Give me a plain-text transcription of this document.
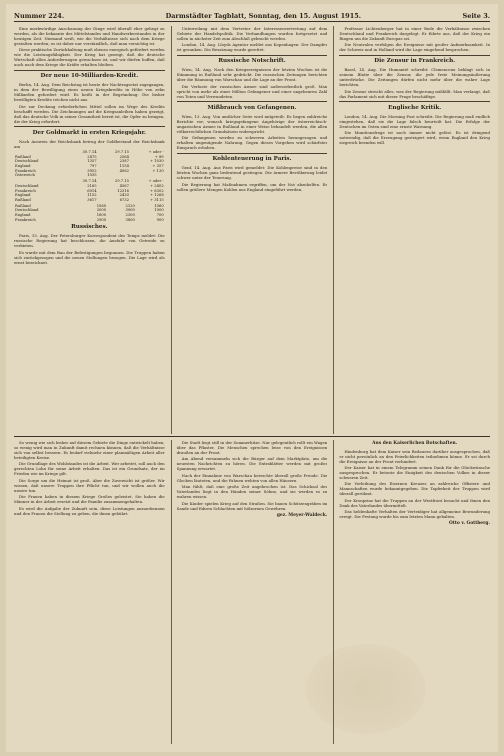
Nummer 224.	Darmstädter Tagblatt, Sonntag, den 15. August 1915.	Seite 3.

Eine merkwürdige Anschauung der Dinge wird überall eher gehegt zu werden, als die bekannte des Mittelstandes und Handwerkerstandes in der heutigen Zeit. Niemand weiß, wie die Verhältnisse sich nach dem Kriege gestalten werden; es ist daher nur verständlich, daß man vorsichtig ist.

Diese praktische Zurückhaltung muß ebenso energisch gefördert werden wie die Leistungsfähigkeit. Der Krieg hat gezeigt, daß die deutsche Wirtschaft allen Anforderungen gewachsen ist, und wir dürfen hoffen, daß auch nach dem Kriege die Kräfte erhalten bleiben.

Der neue 10-Milliarden-Kredit.

Berlin, 14. Aug. Dem Reichstag ist heute der Nachtragsetat zugegangen, in dem der Bewilligung eines neuen Kriegskredits in Höhe von zehn Milliarden gefordert wird. Es heißt in der Begründung: Die bisher bewilligten Kredite reichen nicht aus.

Die zur Deckung erforderlichen Mittel sollen im Wege des Kredits beschafft werden. Die Zeichnungen auf die Kriegsanleihen haben gezeigt, daß das deutsche Volk in seiner Gesamtheit bereit ist, die Opfer zu bringen, die der Krieg erfordert.

Der Goldmarkt in ersten Kriegsjahr.

Nach Ausweis der Reichsbank betrug der Goldbestand der Reichsbank am

	30.7.14	29.7.15	+ oder -
Rußland	2475	2564	+ 89
Deutschland	1357	2387	+ 1030
England	797	1154	+ 357
Frankreich	3952	4082	+ 130
Österreich	1035		
	30.7.14	29.7.15	+ oder -
Deutschland	2165	4567	+ 2402
Frankreich	6014	12316	+ 6302
England	1152	2420	+ 1268
Rußland	3617	6732	+ 3115
Rußland	1060	2120	1060
Deutschland	2000	3000	1000
England	1600	2300	700
Frankreich	2900	3800	900
Russisches.

Paris, 13. Aug. Der Petersburger Korrespondent des Temps meldet: Die russische Regierung hat beschlossen, die Ausfuhr von Getreide zu verbieten.

Es wurde mit dem Bau der Befestigungen begonnen. Die Truppen haben sich zurückgezogen und die neuen Stellungen bezogen. Die Lage wird als ernst bezeichnet.

Unterredung mit dem Vertreter der Interessenvertretung auf dem Gebiete der Handelspolitik. Die Verhandlungen wurden fortgesetzt und sollen in nächster Zeit zum Abschluß gebracht werden.

London, 14. Aug. Lloyds Agentur meldet aus Kopenhagen: Der Dampfer ist gesunken. Die Besatzung wurde gerettet.

Russische Notschrift.

Wien, 14. Aug. Nach den Kriegsereignissen der letzten Wochen ist die Stimmung in Rußland sehr gedrückt. Die russischen Zeitungen berichten über die Räumung von Warschau und die Lage an der Front.

Die Verluste der russischen Armee sind außerordentlich groß. Man spricht von mehr als einer Million Gefangener und einer ungeheuren Zahl von Toten und Verwundeten.

Mißbrauch von Gefangenen.

Wien, 13. Aug. Von amtlicher Seite wird mitgeteilt: Es liegen zahlreiche Berichte vor, wonach kriegsgefangene Angehörige der österreichisch-ungarischen Armee in Rußland in einer Weise behandelt werden, die allen völkerrechtlichen Grundsätzen widerspricht.

Die Gefangenen werden zu schweren Arbeiten herangezogen und erhalten ungenügende Nahrung. Gegen dieses Vorgehen wird schärfster Einspruch erhoben.

Kohlenteuerung in Paris.

Genf, 14. Aug. Aus Paris wird gemeldet: Die Kohlenpreise sind in den letzten Wochen ganz bedeutend gestiegen. Die ärmere Bevölkerung leidet schwer unter der Teuerung.

Die Regierung hat Maßnahmen ergriffen, um der Not abzuhelfen. Es sollen größere Mengen Kohlen aus England eingeführt werden.

Professor Lichtenberger hat in einer Rede die Verhältnisse zwischen Deutschland und Frankreich dargelegt. Er führte aus, daß der Krieg ein Ringen um die Zukunft Europas sei.

Die Neutralen verfolgen die Ereignisse mit großer Aufmerksamkeit. In der Schweiz und in Holland wird die Lage eingehend besprochen.

Die Zensur in Frankreich.

Basel, 14. Aug. Die Humanité schreibt: Clemenceau beklagt sich in seinem Blatte über die Zensur, die jede freie Meinungsäußerung unterdrücke. Die Zeitungen dürfen nicht mehr über die wahre Lage berichten.

Die Zensur streicht alles, was der Regierung mißfällt. Man verlangt, daß das Parlament sich mit dieser Frage beschäftige.

Englische Kritik.

London, 14. Aug. Die Morning Post schreibt: Die Regierung muß endlich eingestehen, daß sie die Lage falsch beurteilt hat. Die Erfolge der Deutschen im Osten sind eine ernste Warnung.

Die Munitionsfrage ist noch immer nicht gelöst. Es ist dringend notwendig, daß die Erzeugung gesteigert wird, wenn England den Krieg siegreich beenden will.

So wenig wie sich bisher auf diesem Gebiete die Dinge entwickelt haben, so wenig wird man in Zukunft damit rechnen können, daß die Verhältnisse sich von selbst bessern. Es bedarf vielmehr einer planmäßigen Arbeit aller beteiligten Kreise.

Die Grundlage des Wohlstandes ist die Arbeit. Wer arbeitet, soll auch den gerechten Lohn für seine Arbeit erhalten. Das ist ein Grundsatz, der im Frieden wie im Kriege gilt.

Die Sorge um die Heimat ist groß. Aber die Zuversicht ist größer. Wir wissen, daß unsere Truppen ihre Pflicht tun, und wir wollen auch die unsere tun.

Die Frauen haben in diesem Kriege Großes geleistet. Sie haben die Männer in der Arbeit ersetzt und die Familie zusammengehalten.

Es wird die Aufgabe der Zukunft sein, diese Leistungen anzuerkennen und den Frauen die Stellung zu geben, die ihnen gebührt.

Die Stadt liegt still in der Sommerhitze. Nur gelegentlich rollt ein Wagen über das Pflaster. Die Menschen sprechen leise von den Ereignissen draußen an der Front.

Am Abend versammeln sich die Bürger auf dem Marktplatz, um die neuesten Nachrichten zu hören. Die Extrablätter werden mit großer Spannung erwartet.

Nach der Einnahme von Warschau herrschte überall große Freude. Die Glocken läuteten, und die Fahnen wehten von allen Häusern.

Man fühlt, daß eine große Zeit angebrochen ist. Das Schicksal des Vaterlandes liegt in den Händen seiner Söhne, und sie werden es zu wahren wissen.

Die Kinder spielen Krieg auf den Straßen. Sie bauen Schützengräben im Sande und führen Schlachten mit hölzernen Gewehren.

gez. Meyer-Waldeck.
Aus den Kaiserlichen Botschaften.

Hindenburg hat dem Kaiser sein Bedauern darüber ausgesprochen, daß er nicht persönlich an den Feierlichkeiten teilnehmen könne. Er sei durch die Ereignisse an der Front verhindert.

Der Kaiser hat in einem Telegramm seinen Dank für die Glückwünsche ausgesprochen. Er betonte die Einigkeit des deutschen Volkes in dieser schweren Zeit.

Die Verleihung des Eisernen Kreuzes an zahlreiche Offiziere und Mannschaften wurde bekanntgegeben. Die Tapferkeit der Truppen wird überall gerühmt.

Der Kronprinz hat die Truppen an der Westfront besucht und ihnen den Dank des Vaterlandes übermittelt.

Das heldenhafte Verhalten der Verteidiger hat allgemeine Bewunderung erregt. Die Festung wurde bis zum letzten Mann gehalten.

Otto v. Gottberg.
